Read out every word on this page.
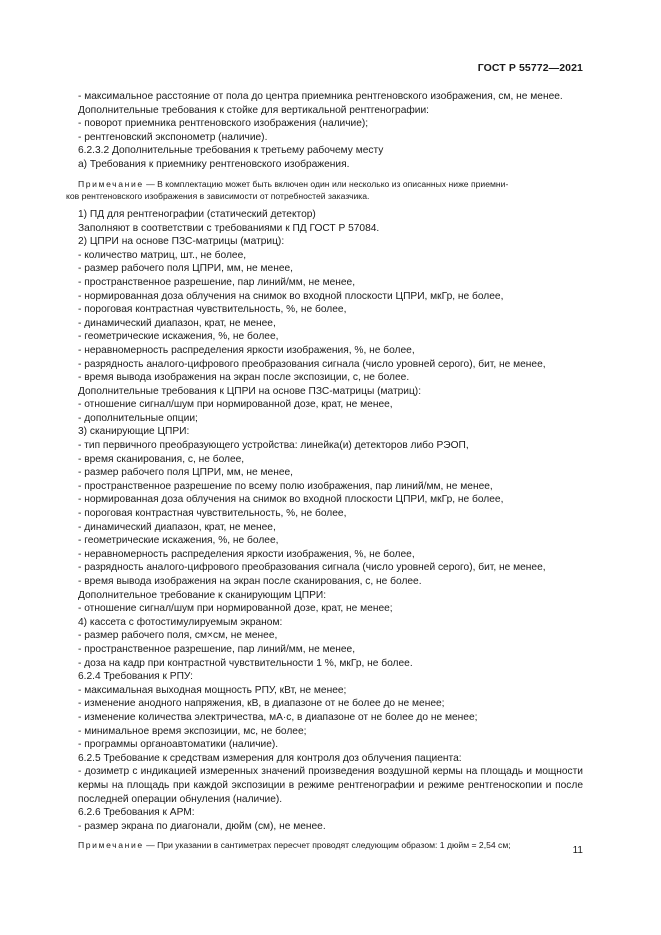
ГОСТ Р 55772—2021
- максимальное расстояние от пола до центра приемника рентгеновского изображения, см, не менее.
Дополнительные требования к стойке для вертикальной рентгенографии:
- поворот приемника рентгеновского изображения (наличие);
- рентгеновский экспонометр (наличие).
6.2.3.2 Дополнительные требования к третьему рабочему месту
а) Требования к приемнику рентгеновского изображения.
Примечание — В комплектацию может быть включен один или несколько из описанных ниже приемни-
ков рентгеновского изображения в зависимости от потребностей заказчика.
1) ПД для рентгенографии (статический детектор)
Заполняют в соответствии с требованиями к ПД ГОСТ Р 57084.
2) ЦПРИ на основе ПЗС-матрицы (матриц):
- количество матриц, шт., не более,
- размер рабочего поля ЦПРИ, мм, не менее,
- пространственное разрешение, пар линий/мм, не менее,
- нормированная доза облучения на снимок во входной плоскости ЦПРИ, мкГр, не более,
- пороговая контрастная чувствительность, %, не более,
- динамический диапазон, крат, не менее,
- геометрические искажения, %, не более,
- неравномерность распределения яркости изображения, %, не более,
- разрядность аналого-цифрового преобразования сигнала (число уровней серого), бит, не менее,
- время вывода изображения на экран после экспозиции, с, не более.
Дополнительные требования к ЦПРИ на основе ПЗС-матрицы (матриц):
- отношение сигнал/шум при нормированной дозе, крат, не менее,
- дополнительные опции;
3) сканирующие ЦПРИ:
- тип первичного преобразующего устройства: линейка(и) детекторов либо РЭОП,
- время сканирования, с, не более,
- размер рабочего поля ЦПРИ, мм, не менее,
- пространственное разрешение по всему полю изображения, пар линий/мм, не менее,
- нормированная доза облучения на снимок во входной плоскости ЦПРИ, мкГр, не более,
- пороговая контрастная чувствительность, %, не более,
- динамический диапазон, крат, не менее,
- геометрические искажения, %, не более,
- неравномерность распределения яркости изображения, %, не более,
- разрядность аналого-цифрового преобразования сигнала (число уровней серого), бит, не менее,
- время вывода изображения на экран после сканирования, с, не более.
Дополнительное требование к сканирующим ЦПРИ:
- отношение сигнал/шум при нормированной дозе, крат, не менее;
4) кассета с фотостимулируемым экраном:
- размер рабочего поля, см×см, не менее,
- пространственное разрешение, пар линий/мм, не менее,
- доза на кадр при контрастной чувствительности 1 %, мкГр, не более.
6.2.4 Требования к РПУ:
- максимальная выходная мощность РПУ, кВт, не менее;
- изменение анодного напряжения, кВ, в диапазоне от не более до не менее;
- изменение количества электричества, мА·с, в диапазоне от не более до не менее;
- минимальное время экспозиции, мс, не более;
- программы органоавтоматики (наличие).
6.2.5 Требование к средствам измерения для контроля доз облучения пациента:
- дозиметр с индикацией измеренных значений произведения воздушной кермы на площадь и мощности кермы на площадь при каждой экспозиции в режиме рентгенографии и режиме рентгеноскопии и после последней операции обнуления (наличие).
6.2.6 Требования к АРМ:
- размер экрана по диагонали, дюйм (см), не менее.
Примечание — При указании в сантиметрах пересчет проводят следующим образом: 1 дюйм = 2,54 см;	11
